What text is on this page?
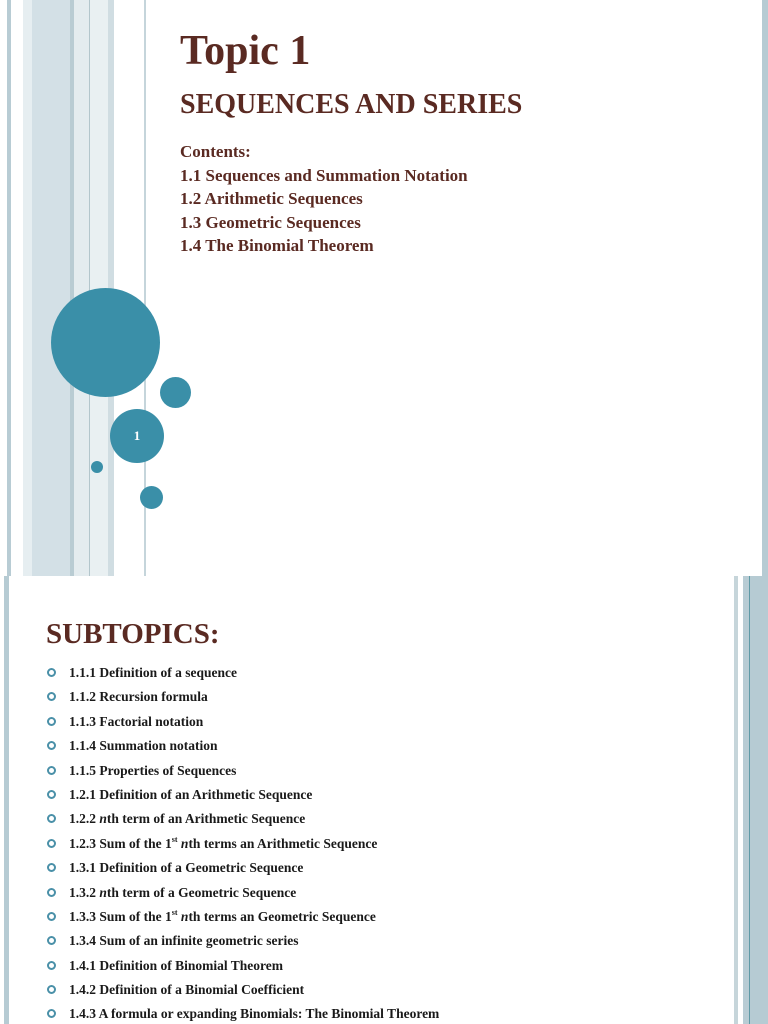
1
Topic 1
SEQUENCES AND SERIES
Contents:
1.1 Sequences and Summation Notation
1.2 Arithmetic Sequences
1.3 Geometric Sequences
1.4 The Binomial Theorem
SUBTOPICS:
1.1.1 Definition of a sequence
1.1.2 Recursion formula
1.1.3 Factorial notation
1.1.4 Summation notation
1.1.5 Properties of Sequences
1.2.1 Definition of an Arithmetic Sequence
1.2.2 nth term of an Arithmetic Sequence
1.2.3 Sum of the 1st nth terms an Arithmetic Sequence
1.3.1 Definition of a Geometric Sequence
1.3.2 nth term of a Geometric Sequence
1.3.3 Sum of the 1st nth terms an Geometric Sequence
1.3.4 Sum of an infinite geometric series
1.4.1 Definition of Binomial Theorem
1.4.2 Definition of a Binomial Coefficient
1.4.3 A formula or expanding Binomials: The Binomial Theorem
